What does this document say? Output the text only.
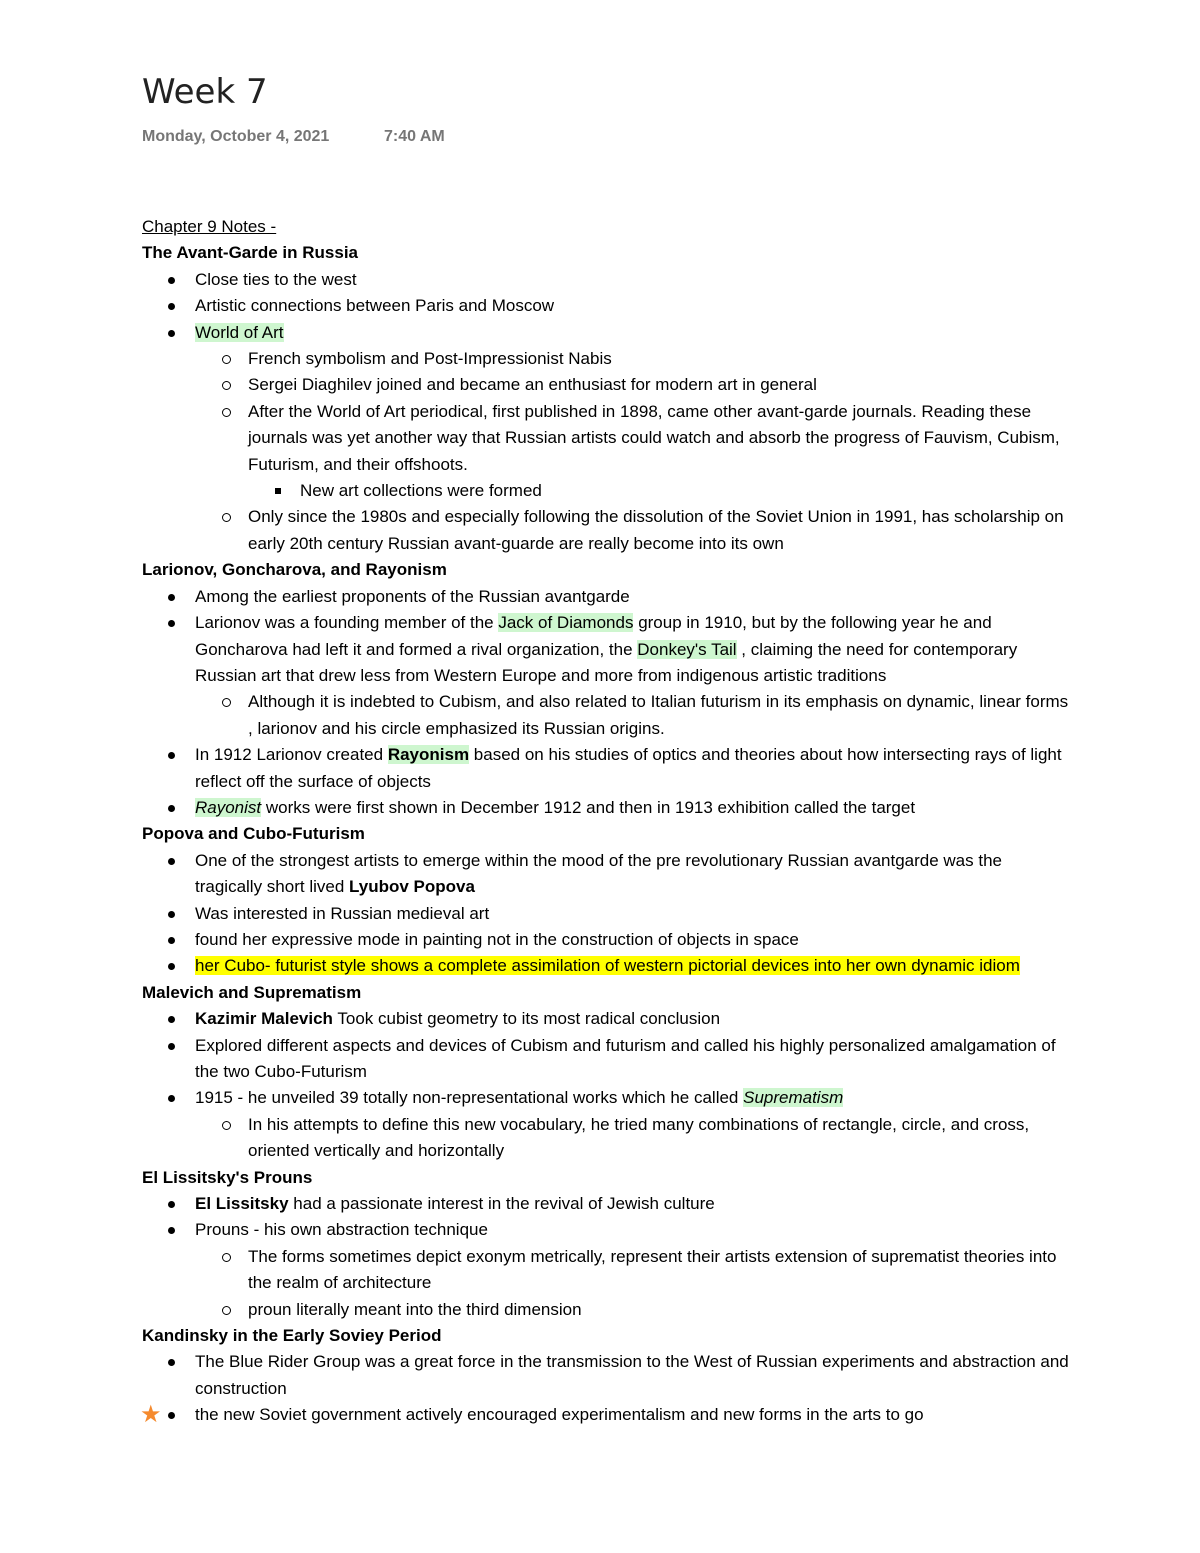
Week 7
Monday, October 4, 2021	7:40 AM
Chapter 9 Notes -
The Avant-Garde in Russia
Close ties to the west
Artistic connections between Paris and Moscow
World of Art
French symbolism and Post-Impressionist Nabis
Sergei Diaghilev joined and became an enthusiast for modern art in general
After the World of Art periodical, first published in 1898, came other avant-garde journals. Reading these journals was yet another way that Russian artists could watch and absorb the progress of Fauvism, Cubism, Futurism, and their offshoots.
New art collections were formed
Only since the 1980s and especially following the dissolution of the Soviet Union in 1991, has scholarship on early 20th century Russian avant-guarde are really become into its own
Larionov, Goncharova, and Rayonism
Among the earliest proponents of the Russian avantgarde
Larionov was a founding member of the Jack of Diamonds group in 1910, but by the following year he and Goncharova had left it and formed a rival organization, the Donkey's Tail , claiming the need for contemporary Russian art that drew less from Western Europe and more from indigenous artistic traditions
Although it is indebted to Cubism, and also related to Italian futurism in its emphasis on dynamic, linear forms , larionov and his circle emphasized its Russian origins.
In 1912 Larionov created Rayonism based on his studies of optics and theories about how intersecting rays of light reflect off the surface of objects
Rayonist works were first shown in December 1912 and then in 1913 exhibition called the target
Popova and Cubo-Futurism
One of the strongest artists to emerge within the mood of the pre revolutionary Russian avantgarde was the tragically short lived Lyubov Popova
Was interested in Russian medieval art
found her expressive mode in painting not in the construction of objects in space
her Cubo- futurist style shows a complete assimilation of western pictorial devices into her own dynamic idiom
Malevich and Suprematism
Kazimir Malevich Took cubist geometry to its most radical conclusion
Explored different aspects and devices of Cubism and futurism and called his highly personalized amalgamation of the two Cubo-Futurism
1915 - he unveiled 39 totally non-representational works which he called Suprematism
In his attempts to define this new vocabulary, he tried many combinations of rectangle, circle, and cross, oriented vertically and horizontally
El Lissitsky's Prouns
El Lissitsky had a passionate interest in the revival of Jewish culture
Prouns - his own abstraction technique
The forms sometimes depict exonym metrically, represent their artists extension of suprematist theories into the realm of architecture
proun literally meant into the third dimension
Kandinsky in the Early Soviey Period
The Blue Rider Group was a great force in the transmission to the West of Russian experiments and abstraction and construction
★ the new Soviet government actively encouraged experimentalism and new forms in the arts to go
